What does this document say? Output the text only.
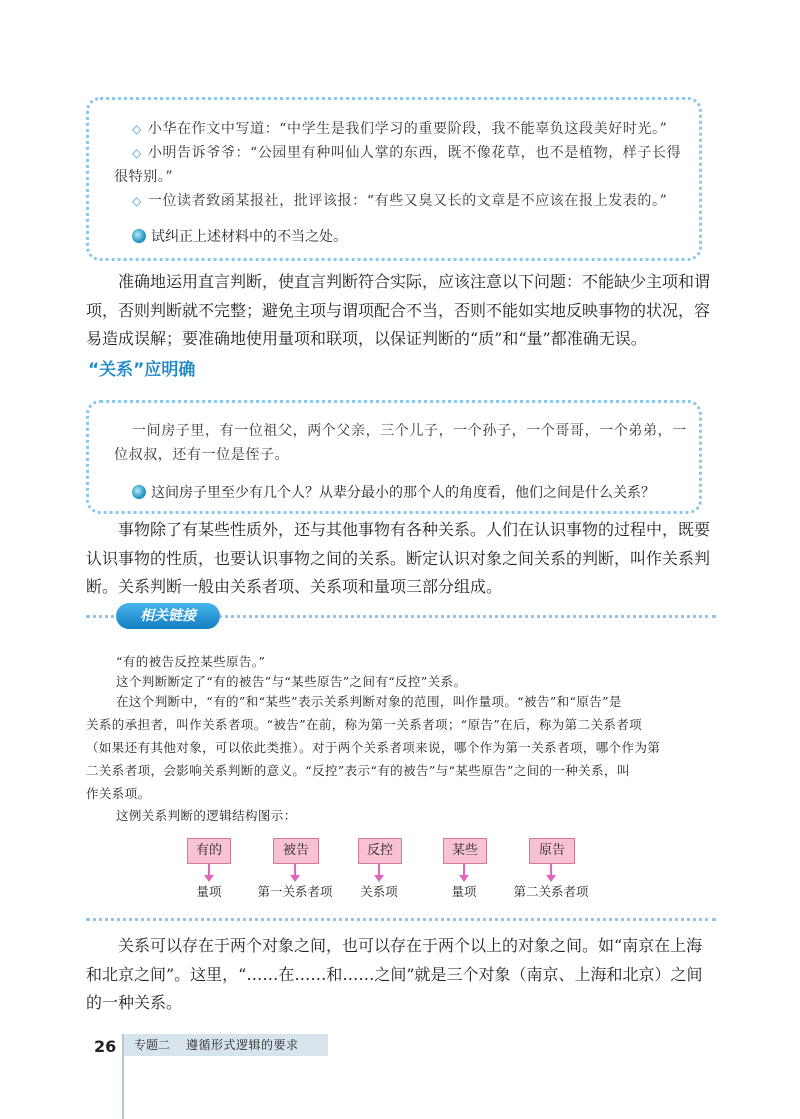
◇ 小华在作文中写道：“中学生是我们学习的重要阶段，我不能辜负这段美好时光。”
◇ 小明告诉爷爷：“公园里有种叫仙人掌的东西，既不像花草，也不是植物，样子长得
很特别。”
◇ 一位读者致函某报社，批评该报：“有些又臭又长的文章是不应该在报上发表的。”
试纠正上述材料中的不当之处。

准确地运用直言判断，使直言判断符合实际，应该注意以下问题：不能缺少主项和谓项，否则判断就不完整；避免主项与谓项配合不当，否则不能如实地反映事物的状况，容易造成误解；要准确地使用量项和联项，以保证判断的“质”和“量”都准确无误。

“关系”应明确
一间房子里，有一位祖父，两个父亲，三个儿子，一个孙子，一个哥哥，一个弟弟，一
位叔叔，还有一位是侄子。
这间房子里至少有几个人？从辈分最小的那个人的角度看，他们之间是什么关系？

事物除了有某些性质外，还与其他事物有各种关系。人们在认识事物的过程中，既要认识事物的性质，也要认识事物之间的关系。断定认识对象之间关系的判断，叫作关系判断。关系判断一般由关系者项、关系项和量项三部分组成。

相关链接
“有的被告反控某些原告。”
这个判断断定了“有的被告”与“某些原告”之间有“反控”关系。
在这个判断中，“有的”和“某些”表示关系判断对象的范围，叫作量项。“被告”和“原告”是
关系的承担者，叫作关系者项。“被告”在前，称为第一关系者项；“原告”在后，称为第二关系者项
（如果还有其他对象，可以依此类推）。对于两个关系者项来说，哪个作为第一关系者项，哪个作为第
二关系者项，会影响关系判断的意义。“反控”表示“有的被告”与“某些原告”之间的一种关系，叫
作关系项。
这例关系判断的逻辑结构图示：
有的	被告	反控	某些	原告
量项	第一关系者项 关系项	量项	第二关系者项

关系可以存在于两个对象之间，也可以存在于两个以上的对象之间。如“南京在上海和北京之间”。这里，“……在……和……之间”就是三个对象（南京、上海和北京）之间的一种关系。

26	专题二 遵循形式逻辑的要求
